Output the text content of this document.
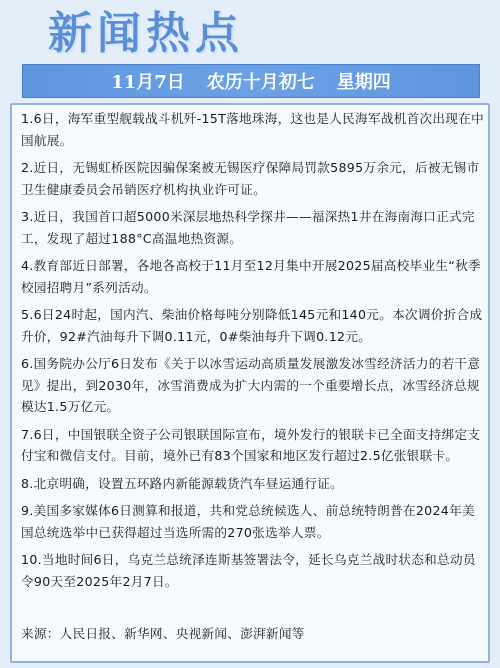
新闻热点
11月7日 农历十月初七 星期四
1.6日，海军重型舰载战斗机歼-15T落地珠海，这也是人民海军战机首次出现在中国航展。
2.近日，无锡虹桥医院因骗保案被无锡医疗保障局罚款5895万余元，后被无锡市卫生健康委员会吊销医疗机构执业许可证。
3.近日，我国首口超5000米深层地热科学探井——福深热1井在海南海口正式完工，发现了超过188°C高温地热资源。
4.教育部近日部署，各地各高校于11月至12月集中开展2025届高校毕业生“秋季校园招聘月”系列活动。
5.6日24时起，国内汽、柴油价格每吨分别降低145元和140元。本次调价折合成升价，92#汽油每升下调0.11元，0#柴油每升下调0.12元。
6.国务院办公厅6日发布《关于以冰雪运动高质量发展激发冰雪经济活力的若干意见》提出，到2030年，冰雪消费成为扩大内需的一个重要增长点，冰雪经济总规模达1.5万亿元。
7.6日，中国银联全资子公司银联国际宣布，境外发行的银联卡已全面支持绑定支付宝和微信支付。目前，境外已有83个国家和地区发行超过2.5亿张银联卡。
8.北京明确，设置五环路内新能源载货汽车昼运通行证。
9.美国多家媒体6日测算和报道，共和党总统候选人、前总统特朗普在2024年美国总统选举中已获得超过当选所需的270张选举人票。
10.当地时间6日，乌克兰总统泽连斯基签署法令，延长乌克兰战时状态和总动员令90天至2025年2月7日。
来源：人民日报、新华网、央视新闻、澎湃新闻等
